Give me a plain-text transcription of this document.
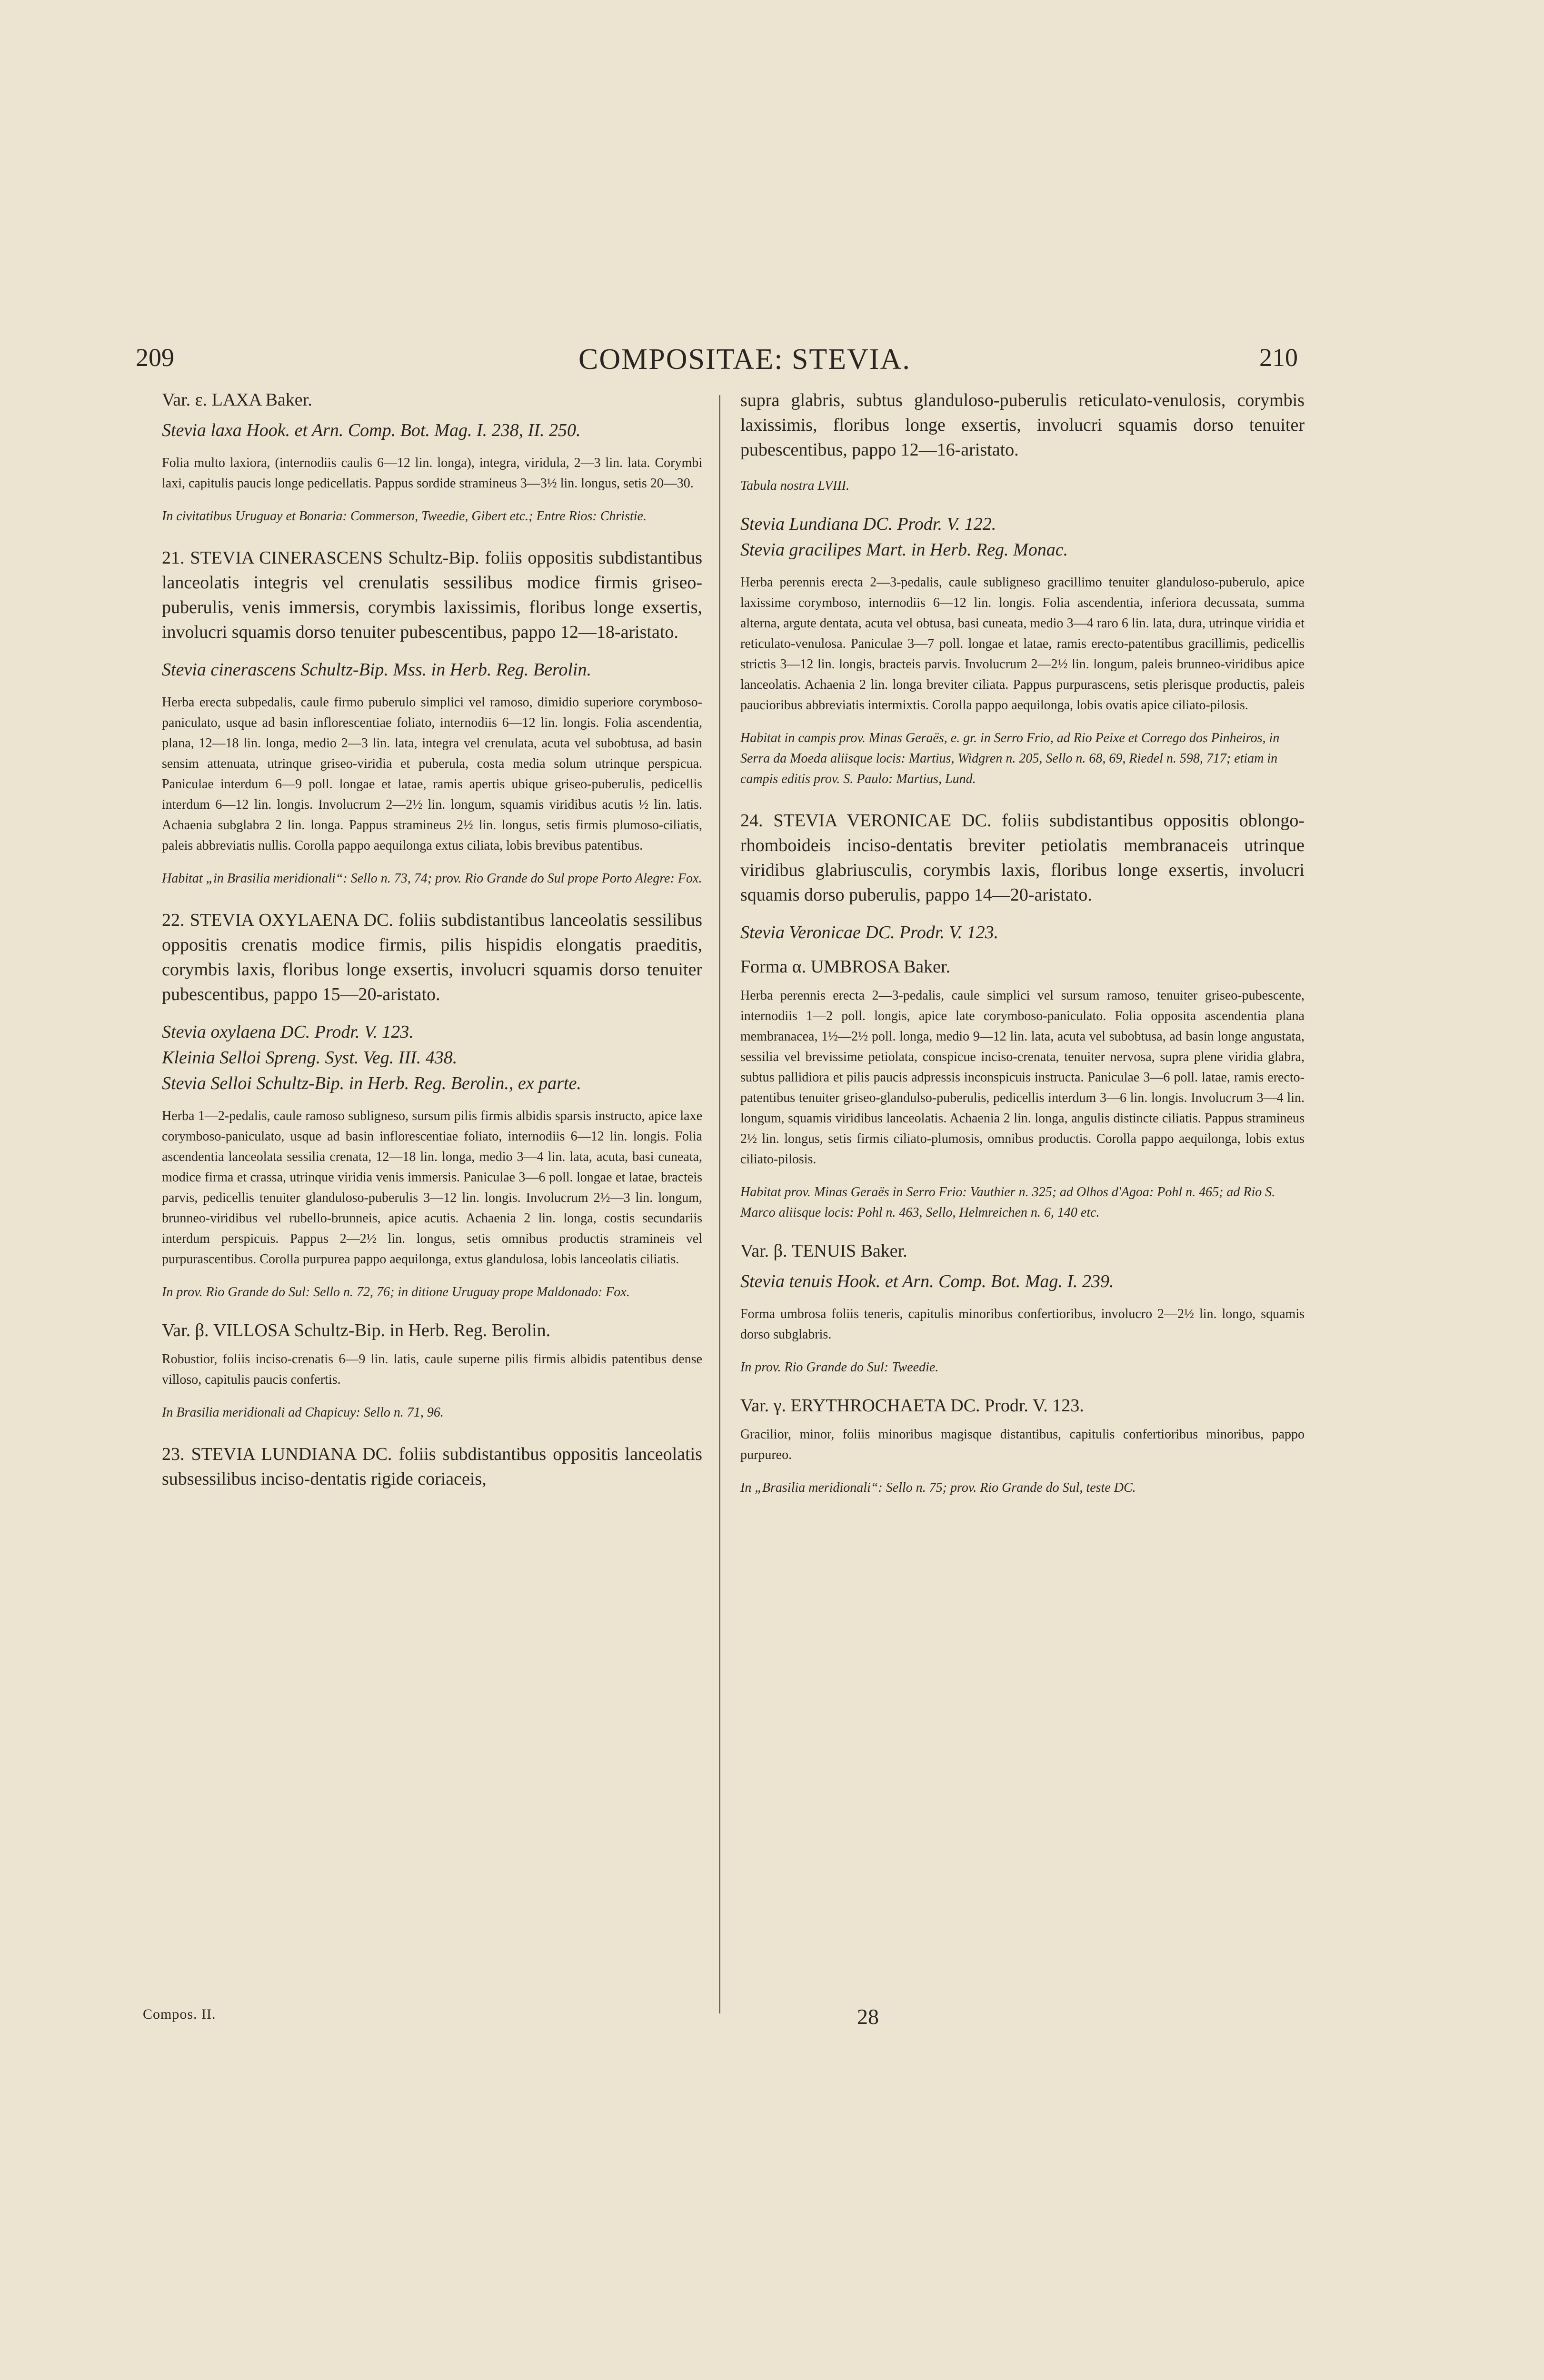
209	COMPOSITAE: STEVIA.	210
Var. ε. LAXA Baker.
Stevia laxa Hook. et Arn. Comp. Bot. Mag. I. 238, II. 250.
Folia multo laxiora, (internodiis caulis 6—12 lin. longa), integra, viridula, 2—3 lin. lata. Corymbi laxi, capitulis paucis longe pedicellatis. Pappus sordide stramineus 3—3½ lin. longus, setis 20—30.
In civitatibus Uruguay et Bonaria: Commerson, Tweedie, Gibert etc.; Entre Rios: Christie.
21. STEVIA CINERASCENS Schultz-Bip. foliis oppositis subdistantibus lanceolatis integris vel crenulatis sessilibus modice firmis griseo-puberulis, venis immersis, corymbis laxissimis, floribus longe exsertis, involucri squamis dorso tenuiter pubescentibus, pappo 12—18-aristato.
Stevia cinerascens Schultz-Bip. Mss. in Herb. Reg. Berolin.
Herba erecta subpedalis, caule firmo puberulo simplici vel ramoso, dimidio superiore corymboso-paniculato, usque ad basin inflorescentiae foliato, internodiis 6—12 lin. longis. Folia ascendentia, plana, 12—18 lin. longa, medio 2—3 lin. lata, integra vel crenulata, acuta vel subobtusa, ad basin sensim attenuata, utrinque griseo-viridia et puberula, costa media solum utrinque perspicua. Paniculae interdum 6—9 poll. longae et latae, ramis apertis ubique griseo-puberulis, pedicellis interdum 6—12 lin. longis. Involucrum 2—2½ lin. longum, squamis viridibus acutis ½ lin. latis. Achaenia subglabra 2 lin. longa. Pappus stramineus 2½ lin. longus, setis firmis plumoso-ciliatis, paleis abbreviatis nullis. Corolla pappo aequilonga extus ciliata, lobis brevibus patentibus.
Habitat „in Brasilia meridionali“: Sello n. 73, 74; prov. Rio Grande do Sul prope Porto Alegre: Fox.
22. STEVIA OXYLAENA DC. foliis subdistantibus lanceolatis sessilibus oppositis crenatis modice firmis, pilis hispidis elongatis praeditis, corymbis laxis, floribus longe exsertis, involucri squamis dorso tenuiter pubescentibus, pappo 15—20-aristato.
Stevia oxylaena DC. Prodr. V. 123.
Kleinia Selloi Spreng. Syst. Veg. III. 438.
Stevia Selloi Schultz-Bip. in Herb. Reg. Berolin., ex parte.
Herba 1—2-pedalis, caule ramoso subligneso, sursum pilis firmis albidis sparsis instructo, apice laxe corymboso-paniculato, usque ad basin inflorescentiae foliato, internodiis 6—12 lin. longis. Folia ascendentia lanceolata sessilia crenata, 12—18 lin. longa, medio 3—4 lin. lata, acuta, basi cuneata, modice firma et crassa, utrinque viridia venis immersis. Paniculae 3—6 poll. longae et latae, bracteis parvis, pedicellis tenuiter glanduloso-puberulis 3—12 lin. longis. Involucrum 2½—3 lin. longum, brunneo-viridibus vel rubello-brunneis, apice acutis. Achaenia 2 lin. longa, costis secundariis interdum perspicuis. Pappus 2—2½ lin. longus, setis omnibus productis stramineis vel purpurascentibus. Corolla purpurea pappo aequilonga, extus glandulosa, lobis lanceolatis ciliatis.
In prov. Rio Grande do Sul: Sello n. 72, 76; in ditione Uruguay prope Maldonado: Fox.
Var. β. VILLOSA Schultz-Bip. in Herb. Reg. Berolin.
Robustior, foliis inciso-crenatis 6—9 lin. latis, caule superne pilis firmis albidis patentibus dense villoso, capitulis paucis confertis.
In Brasilia meridionali ad Chapicuy: Sello n. 71, 96.
23. STEVIA LUNDIANA DC. foliis subdistantibus oppositis lanceolatis subsessilibus inciso-dentatis rigide coriaceis,
supra glabris, subtus glanduloso-puberulis reticulato-venulosis, corymbis laxissimis, floribus longe exsertis, involucri squamis dorso tenuiter pubescentibus, pappo 12—16-aristato.
Tabula nostra LVIII.
Stevia Lundiana DC. Prodr. V. 122.
Stevia gracilipes Mart. in Herb. Reg. Monac.
Herba perennis erecta 2—3-pedalis, caule subligneso gracillimo tenuiter glanduloso-puberulo, apice laxissime corymboso, internodiis 6—12 lin. longis. Folia ascendentia, inferiora decussata, summa alterna, argute dentata, acuta vel obtusa, basi cuneata, medio 3—4 raro 6 lin. lata, dura, utrinque viridia et reticulato-venulosa. Paniculae 3—7 poll. longae et latae, ramis erecto-patentibus gracillimis, pedicellis strictis 3—12 lin. longis, bracteis parvis. Involucrum 2—2½ lin. longum, paleis brunneo-viridibus apice lanceolatis. Achaenia 2 lin. longa breviter ciliata. Pappus purpurascens, setis plerisque productis, paleis paucioribus abbreviatis intermixtis. Corolla pappo aequilonga, lobis ovatis apice ciliato-pilosis.
Habitat in campis prov. Minas Geraës, e. gr. in Serro Frio, ad Rio Peixe et Corrego dos Pinheiros, in Serra da Moeda aliisque locis: Martius, Widgren n. 205, Sello n. 68, 69, Riedel n. 598, 717; etiam in campis editis prov. S. Paulo: Martius, Lund.
24. STEVIA VERONICAE DC. foliis subdistantibus oppositis oblongo-rhomboideis inciso-dentatis breviter petiolatis membranaceis utrinque viridibus glabriusculis, corymbis laxis, floribus longe exsertis, involucri squamis dorso puberulis, pappo 14—20-aristato.
Stevia Veronicae DC. Prodr. V. 123.
Forma α. UMBROSA Baker.
Herba perennis erecta 2—3-pedalis, caule simplici vel sursum ramoso, tenuiter griseo-pubescente, internodiis 1—2 poll. longis, apice late corymboso-paniculato. Folia opposita ascendentia plana membranacea, 1½—2½ poll. longa, medio 9—12 lin. lata, acuta vel subobtusa, ad basin longe angustata, sessilia vel brevissime petiolata, conspicue inciso-crenata, tenuiter nervosa, supra plene viridia glabra, subtus pallidiora et pilis paucis adpressis inconspicuis instructa. Paniculae 3—6 poll. latae, ramis erecto-patentibus tenuiter griseo-glandulso-puberulis, pedicellis interdum 3—6 lin. longis. Involucrum 3—4 lin. longum, squamis viridibus lanceolatis. Achaenia 2 lin. longa, angulis distincte ciliatis. Pappus stramineus 2½ lin. longus, setis firmis ciliato-plumosis, omnibus productis. Corolla pappo aequilonga, lobis extus ciliato-pilosis.
Habitat prov. Minas Geraës in Serro Frio: Vauthier n. 325; ad Olhos d'Agoa: Pohl n. 465; ad Rio S. Marco aliisque locis: Pohl n. 463, Sello, Helmreichen n. 6, 140 etc.
Var. β. TENUIS Baker.
Stevia tenuis Hook. et Arn. Comp. Bot. Mag. I. 239.
Forma umbrosa foliis teneris, capitulis minoribus confertioribus, involucro 2—2½ lin. longo, squamis dorso subglabris.
In prov. Rio Grande do Sul: Tweedie.
Var. γ. ERYTHROCHAETA DC. Prodr. V. 123.
Gracilior, minor, foliis minoribus magisque distantibus, capitulis confertioribus minoribus, pappo purpureo.
In „Brasilia meridionali“: Sello n. 75; prov. Rio Grande do Sul, teste DC.
Compos. II.	28
